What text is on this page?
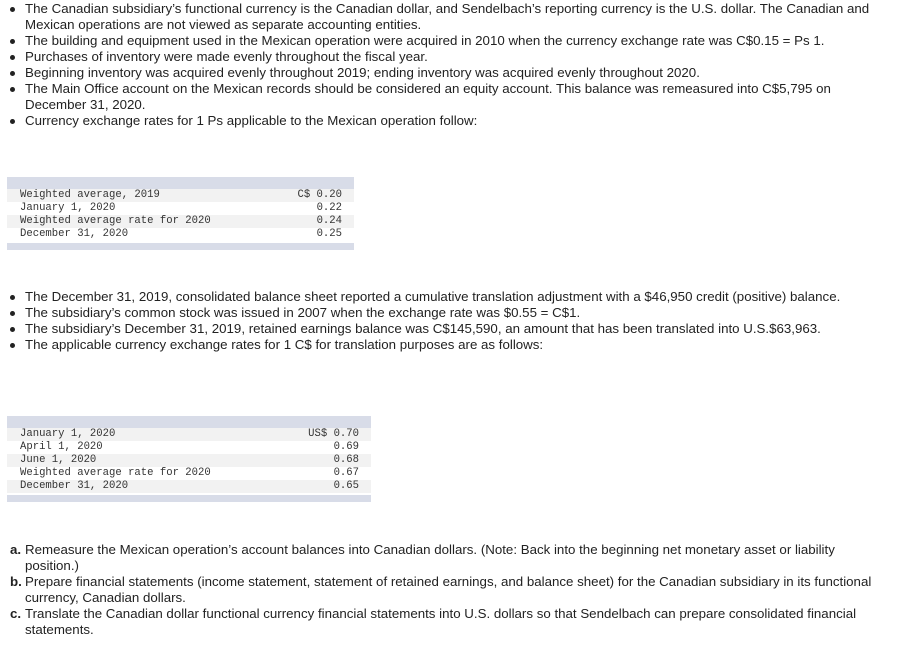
The Canadian subsidiary’s functional currency is the Canadian dollar, and Sendelbach’s reporting currency is the U.S. dollar. The Canadian and Mexican operations are not viewed as separate accounting entities.
The building and equipment used in the Mexican operation were acquired in 2010 when the currency exchange rate was C$0.15 = Ps 1.
Purchases of inventory were made evenly throughout the fiscal year.
Beginning inventory was acquired evenly throughout 2019; ending inventory was acquired evenly throughout 2020.
The Main Office account on the Mexican records should be considered an equity account. This balance was remeasured into C$5,795 on December 31, 2020.
Currency exchange rates for 1 Ps applicable to the Mexican operation follow:
Weighted average, 2019	C$ 0.20
January 1, 2020	0.22
Weighted average rate for 2020	0.24
December 31, 2020	0.25
The December 31, 2019, consolidated balance sheet reported a cumulative translation adjustment with a $46,950 credit (positive) balance.
The subsidiary’s common stock was issued in 2007 when the exchange rate was $0.55 = C$1.
The subsidiary’s December 31, 2019, retained earnings balance was C$145,590, an amount that has been translated into U.S.$63,963.
The applicable currency exchange rates for 1 C$ for translation purposes are as follows:
January 1, 2020	US$ 0.70
April 1, 2020	0.69
June 1, 2020	0.68
Weighted average rate for 2020	0.67
December 31, 2020	0.65
a. Remeasure the Mexican operation’s account balances into Canadian dollars. (Note: Back into the beginning net monetary asset or liability position.)
b. Prepare financial statements (income statement, statement of retained earnings, and balance sheet) for the Canadian subsidiary in its functional currency, Canadian dollars.
c. Translate the Canadian dollar functional currency financial statements into U.S. dollars so that Sendelbach can prepare consolidated financial statements.
